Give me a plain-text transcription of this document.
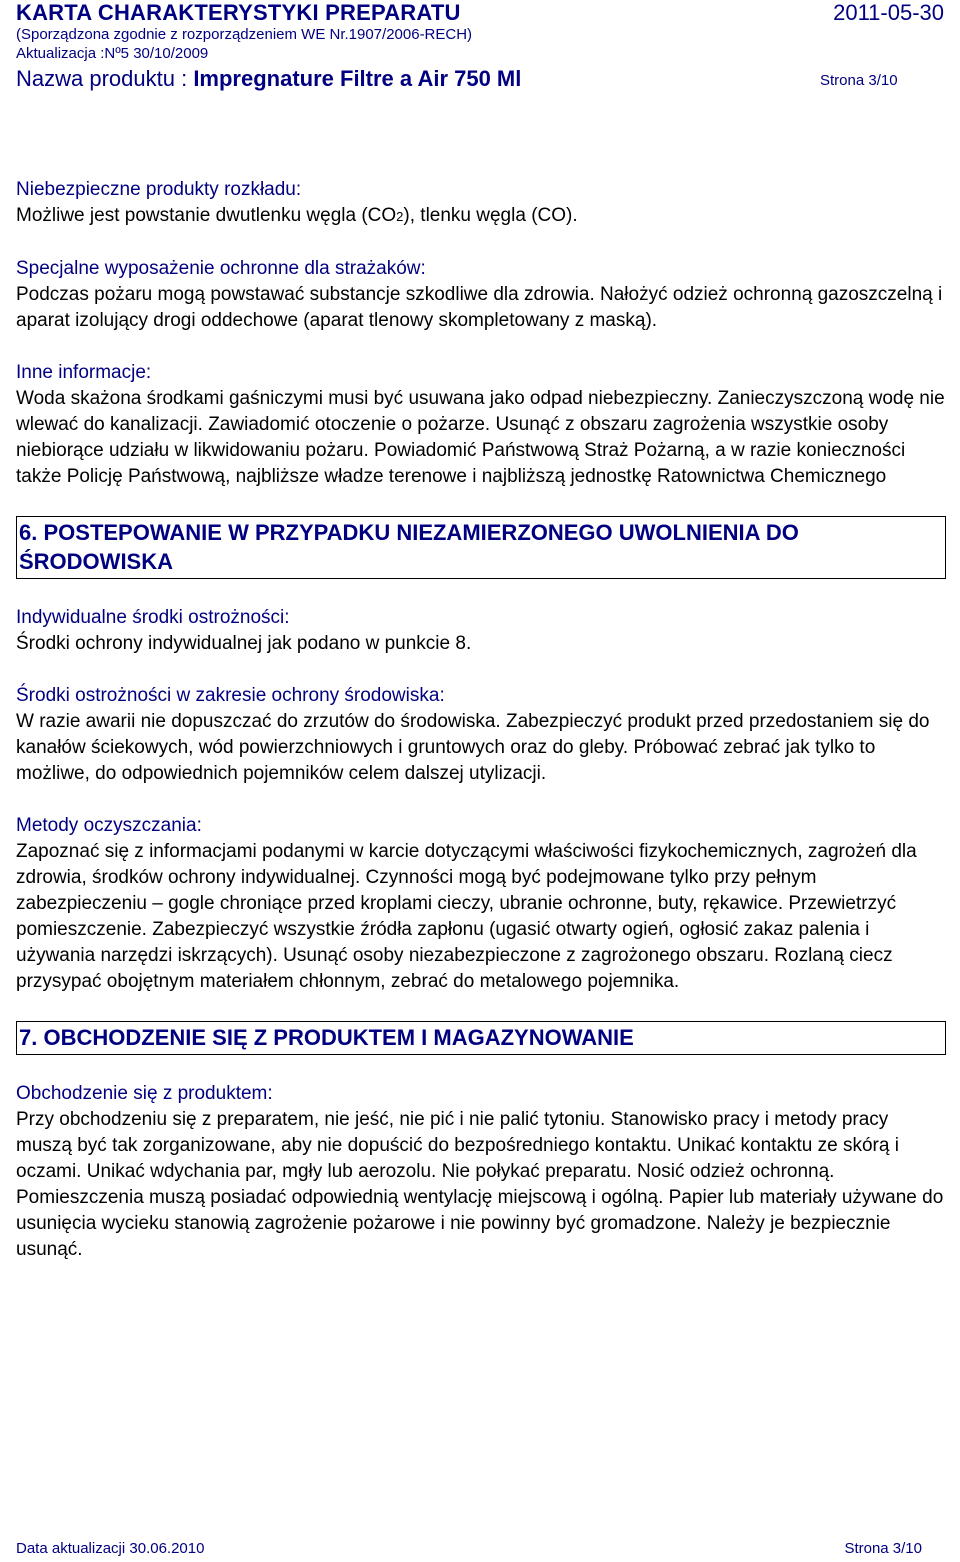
KARTA CHARAKTERYSTYKI PREPARATU	2011-05-30
(Sporządzona zgodnie z rozporządzeniem WE Nr.1907/2006-RECH)
Aktualizacja :Nº5 30/10/2009
Nazwa produktu : Impregnature Filtre a Air 750 Ml	Strona 3/10
Niebezpieczne produkty rozkładu:

Możliwe jest powstanie dwutlenku węgla (CO2), tlenku węgla (CO).

Specjalne wyposażenie ochronne dla strażaków:

Podczas pożaru mogą powstawać substancje szkodliwe dla zdrowia. Nałożyć odzież ochronną gazoszczelną i aparat izolujący drogi oddechowe (aparat tlenowy skompletowany z maską).

Inne informacje:

Woda skażona środkami gaśniczymi musi być usuwana jako odpad niebezpieczny. Zanieczyszczoną wodę nie wlewać do kanalizacji. Zawiadomić otoczenie o pożarze. Usunąć z obszaru zagrożenia wszystkie osoby niebiorące udziału w likwidowaniu pożaru. Powiadomić Państwową Straż Pożarną, a w razie konieczności także Policję Państwową, najbliższe władze terenowe i najbliższą jednostkę Ratownictwa Chemicznego

6. POSTEPOWANIE W PRZYPADKU NIEZAMIERZONEGO UWOLNIENIA DO ŚRODOWISKA
Indywidualne środki ostrożności:

Środki ochrony indywidualnej jak podano w punkcie 8.

Środki ostrożności w zakresie ochrony środowiska:

W razie awarii nie dopuszczać do zrzutów do środowiska. Zabezpieczyć produkt przed przedostaniem się do kanałów ściekowych, wód powierzchniowych i gruntowych oraz do gleby. Próbować zebrać jak tylko to możliwe, do odpowiednich pojemników celem dalszej utylizacji.

Metody oczyszczania:

Zapoznać się z informacjami podanymi w karcie dotyczącymi właściwości fizykochemicznych, zagrożeń dla zdrowia, środków ochrony indywidualnej. Czynności mogą być podejmowane tylko przy pełnym zabezpieczeniu – gogle chroniące przed kroplami cieczy, ubranie ochronne, buty, rękawice. Przewietrzyć pomieszczenie. Zabezpieczyć wszystkie źródła zapłonu (ugasić otwarty ogień, ogłosić zakaz palenia i używania narzędzi iskrzących). Usunąć osoby niezabezpieczone z zagrożonego obszaru. Rozlaną ciecz przysypać obojętnym materiałem chłonnym, zebrać do metalowego pojemnika.

7. OBCHODZENIE SIĘ Z PRODUKTEM I MAGAZYNOWANIE
Obchodzenie się z produktem:

Przy obchodzeniu się z preparatem, nie jeść, nie pić i nie palić tytoniu. Stanowisko pracy i metody pracy muszą być tak zorganizowane, aby nie dopuścić do bezpośredniego kontaktu. Unikać kontaktu ze skórą i oczami. Unikać wdychania par, mgły lub aerozolu. Nie połykać preparatu. Nosić odzież ochronną. Pomieszczenia muszą posiadać odpowiednią wentylację miejscową i ogólną. Papier lub materiały używane do usunięcia wycieku stanowią zagrożenie pożarowe i nie powinny być gromadzone. Należy je bezpiecznie usunąć.

Data aktualizacji 30.06.2010	Strona 3/10
